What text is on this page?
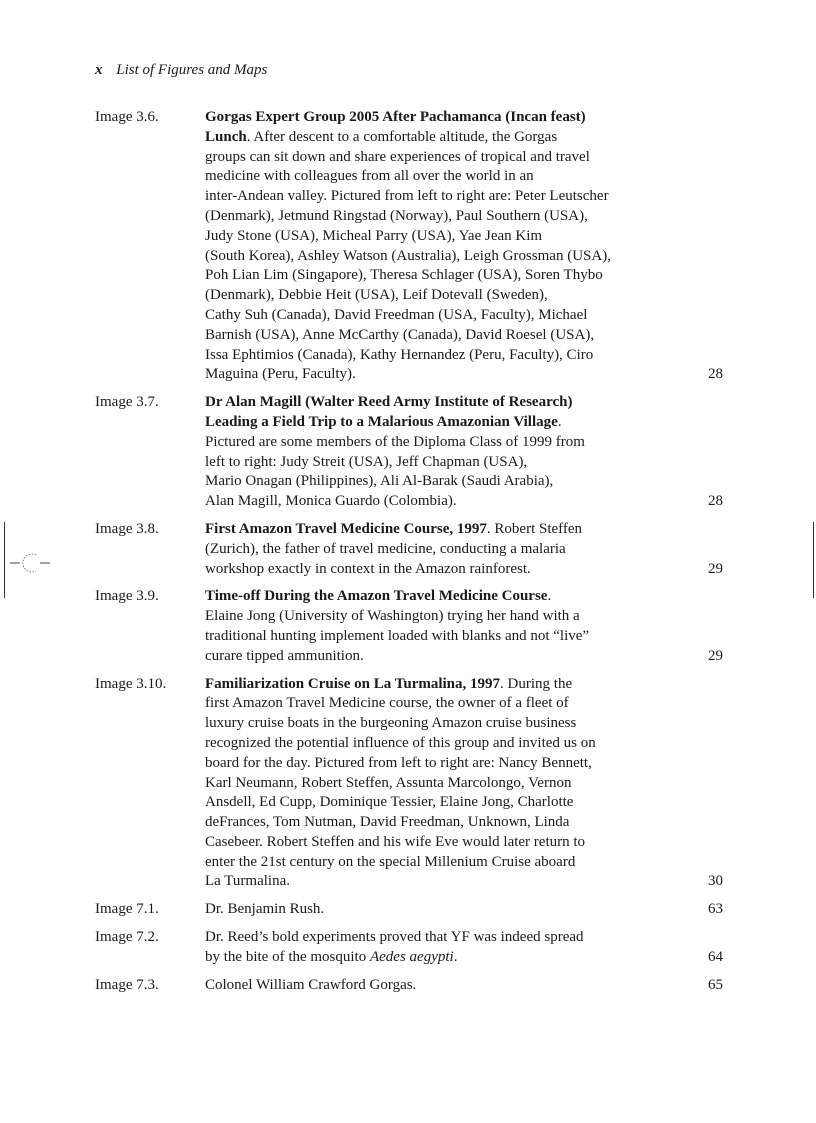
x List of Figures and Maps
Image 3.6.	Gorgas Expert Group 2005 After Pachamanca (Incan feast)
Lunch. After descent to a comfortable altitude, the Gorgas
groups can sit down and share experiences of tropical and travel
medicine with colleagues from all over the world in an
inter-Andean valley. Pictured from left to right are: Peter Leutscher
(Denmark), Jetmund Ringstad (Norway), Paul Southern (USA),
Judy Stone (USA), Micheal Parry (USA), Yae Jean Kim
(South Korea), Ashley Watson (Australia), Leigh Grossman (USA),
Poh Lian Lim (Singapore), Theresa Schlager (USA), Soren Thybo
(Denmark), Debbie Heit (USA), Leif Dotevall (Sweden),
Cathy Suh (Canada), David Freedman (USA, Faculty), Michael
Barnish (USA), Anne McCarthy (Canada), David Roesel (USA),
Issa Ephtimios (Canada), Kathy Hernandez (Peru, Faculty), Ciro
Maguina (Peru, Faculty).	28
Image 3.7.	Dr Alan Magill (Walter Reed Army Institute of Research)
Leading a Field Trip to a Malarious Amazonian Village.
Pictured are some members of the Diploma Class of 1999 from
left to right: Judy Streit (USA), Jeff Chapman (USA),
Mario Onagan (Philippines), Ali Al-Barak (Saudi Arabia),
Alan Magill, Monica Guardo (Colombia).	28
Image 3.8.	First Amazon Travel Medicine Course, 1997. Robert Steffen
(Zurich), the father of travel medicine, conducting a malaria
workshop exactly in context in the Amazon rainforest.	29
Image 3.9.	Time-off During the Amazon Travel Medicine Course.
Elaine Jong (University of Washington) trying her hand with a
traditional hunting implement loaded with blanks and not “live”
curare tipped ammunition.	29
Image 3.10.	Familiarization Cruise on La Turmalina, 1997. During the
first Amazon Travel Medicine course, the owner of a fleet of
luxury cruise boats in the burgeoning Amazon cruise business
recognized the potential influence of this group and invited us on
board for the day. Pictured from left to right are: Nancy Bennett,
Karl Neumann, Robert Steffen, Assunta Marcolongo, Vernon
Ansdell, Ed Cupp, Dominique Tessier, Elaine Jong, Charlotte
deFrances, Tom Nutman, David Freedman, Unknown, Linda
Casebeer. Robert Steffen and his wife Eve would later return to
enter the 21st century on the special Millenium Cruise aboard
La Turmalina.	30
Image 7.1.	Dr. Benjamin Rush.	63
Image 7.2.	Dr. Reed’s bold experiments proved that YF was indeed spread
by the bite of the mosquito Aedes aegypti.	64
Image 7.3.	Colonel William Crawford Gorgas.	65
